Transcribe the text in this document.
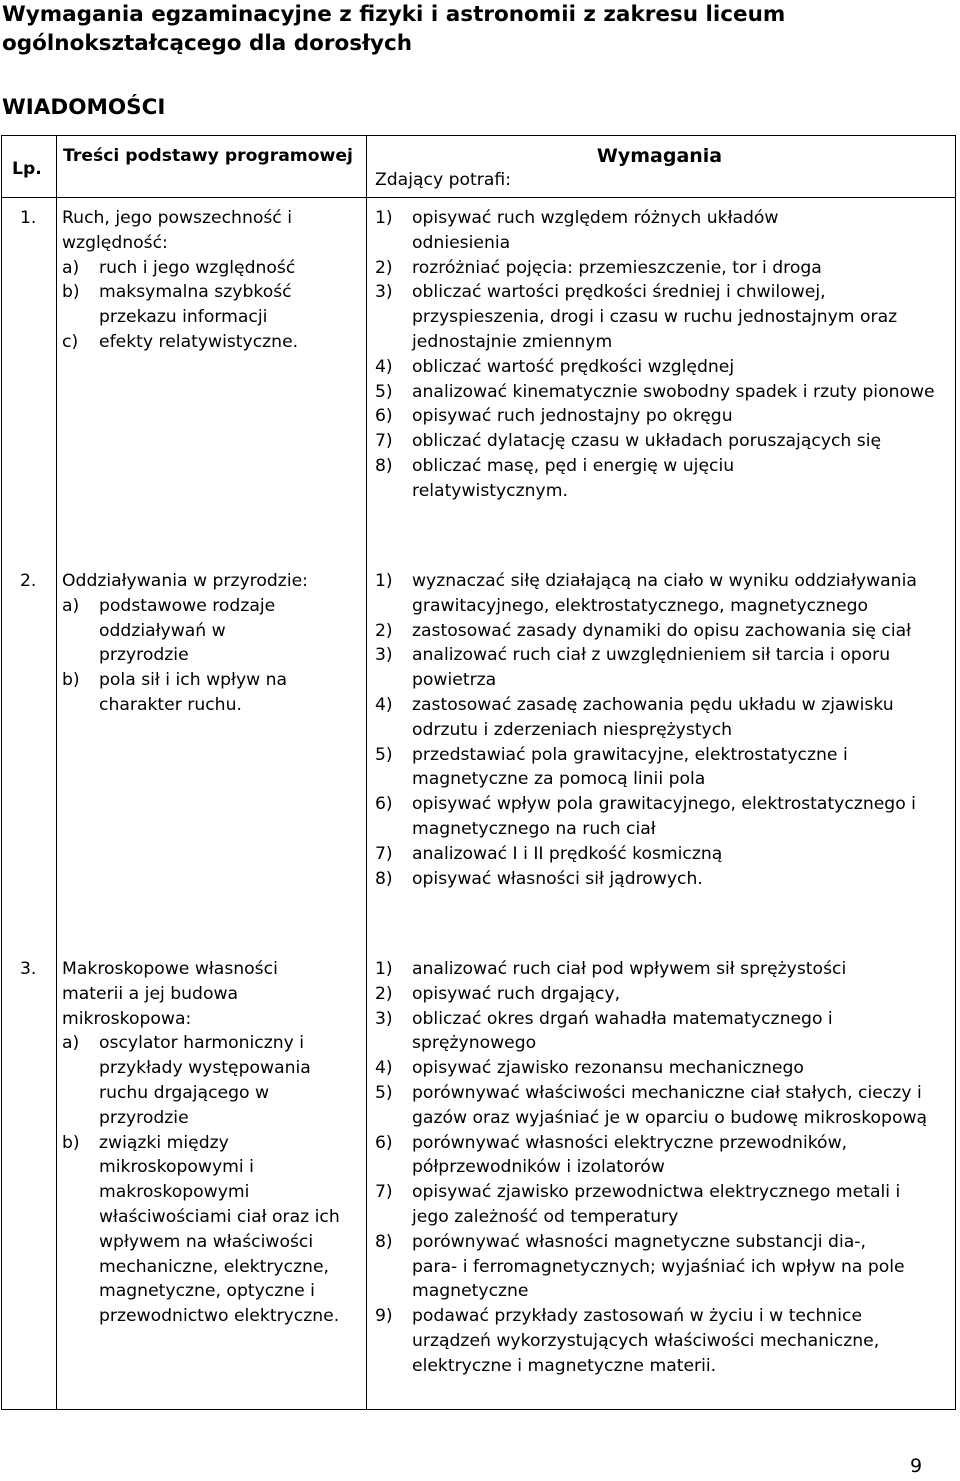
Wymagania egzaminacyjne z fizyki i astronomii z zakresu liceum ogólnokształcącego dla dorosłych
WIADOMOŚCI
Lp.
Treści podstawy programowej	Wymagania
Zdający potrafi:
1. Ruch, jego powszechność i względność:
a)	ruch i jego względność
b)	maksymalna szybkość przekazu informacji
c)	efekty relatywistyczne.
1)	opisywać ruch względem różnych układów odniesienia
2)	rozróżniać pojęcia: przemieszczenie, tor i droga
3)	obliczać wartości prędkości średniej i chwilowej, przyspieszenia, drogi i czasu w ruchu jednostajnym oraz jednostajnie zmiennym
4)	obliczać wartość prędkości względnej
5)	analizować kinematycznie swobodny spadek i rzuty pionowe
6)	opisywać ruch jednostajny po okręgu
7)	obliczać dylatację czasu w układach poruszających się
8)	obliczać masę, pęd i energię w ujęciu relatywistycznym.
2. Oddziaływania w przyrodzie:
a)	podstawowe rodzaje oddziaływań w przyrodzie
b)	pola sił i ich wpływ na charakter ruchu.
1)	wyznaczać siłę działającą na ciało w wyniku oddziaływania grawitacyjnego, elektrostatycznego, magnetycznego
2)	zastosować zasady dynamiki do opisu zachowania się ciał
3)	analizować ruch ciał z uwzględnieniem sił tarcia i oporu powietrza
4)	zastosować zasadę zachowania pędu układu w zjawisku odrzutu i zderzeniach niesprężystych
5)	przedstawiać pola grawitacyjne, elektrostatyczne i magnetyczne za pomocą linii pola
6)	opisywać wpływ pola grawitacyjnego, elektrostatycznego i magnetycznego na ruch ciał
7)	analizować I i II prędkość kosmiczną
8)	opisywać własności sił jądrowych.
3. Makroskopowe własności materii a jej budowa mikroskopowa:
a)	oscylator harmoniczny i przykłady występowania ruchu drgającego w przyrodzie
b)	związki między mikroskopowymi i makroskopowymi właściwościami ciał oraz ich wpływem na właściwości mechaniczne, elektryczne, magnetyczne, optyczne i przewodnictwo elektryczne.
1)	analizować ruch ciał pod wpływem sił sprężystości
2)	opisywać ruch drgający,
3)	obliczać okres drgań wahadła matematycznego i sprężynowego
4)	opisywać zjawisko rezonansu mechanicznego
5)	porównywać właściwości mechaniczne ciał stałych, cieczy i gazów oraz wyjaśniać je w oparciu o budowę mikroskopową
6)	porównywać własności elektryczne przewodników, półprzewodników i izolatorów
7)	opisywać zjawisko przewodnictwa elektrycznego metali i jego zależność od temperatury
8)	porównywać własności magnetyczne substancji dia-, para- i ferromagnetycznych; wyjaśniać ich wpływ na pole magnetyczne
9)	podawać przykłady zastosowań w życiu i w technice urządzeń wykorzystujących właściwości mechaniczne, elektryczne i magnetyczne materii.
9
